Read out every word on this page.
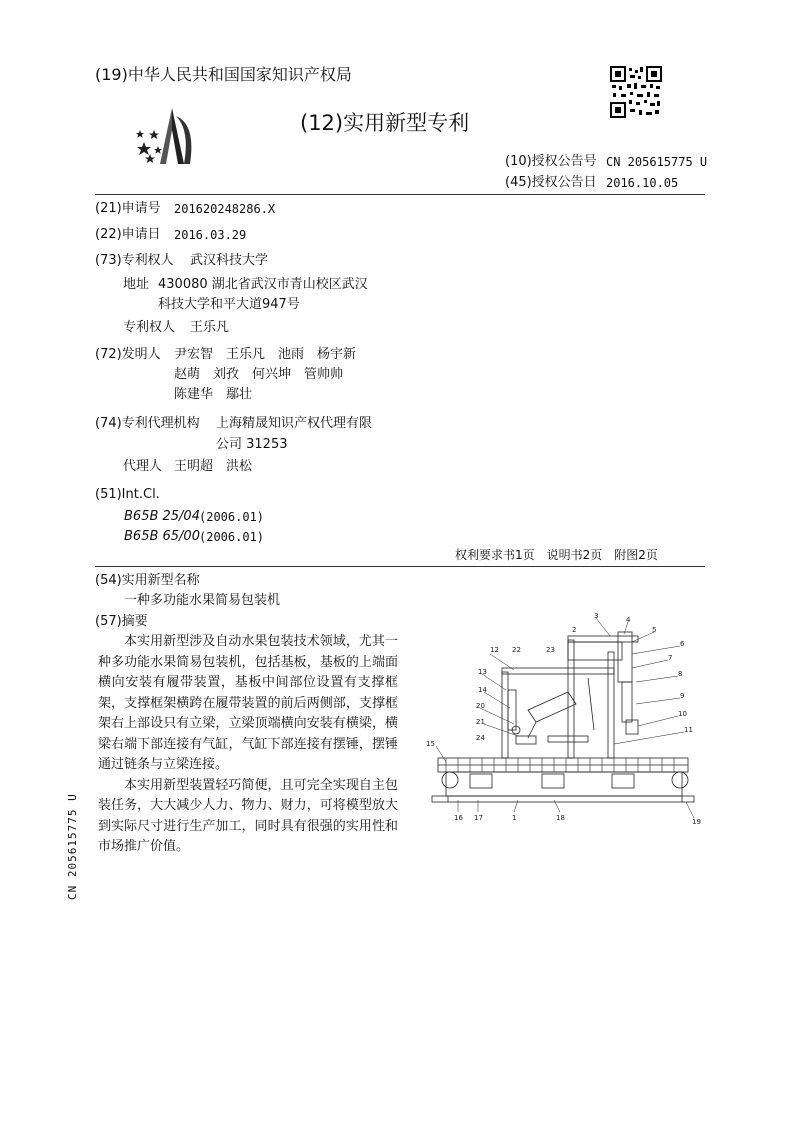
(19)中华人民共和国国家知识产权局
(12)实用新型专利
(10)授权公告号 CN 205615775 U
(45)授权公告日 2016.10.05
(21)申请号 201620248286.X
(22)申请日 2016.03.29
(73)专利权人 武汉科技大学
地址 430080 湖北省武汉市青山校区武汉
科技大学和平大道947号
专利权人 王乐凡
(72)发明人 尹宏智　王乐凡　池雨　杨宇新
赵萌　刘孜　何兴坤　管帅帅
陈建华　鄢壮
(74)专利代理机构 上海精晟知识产权代理有限
公司 31253
代理人 王明超　洪松
(51)Int.Cl.
B65B 25/04 (2006.01)
B65B 65/00 (2006.01)
权利要求书1页　说明书2页　附图2页
(54)实用新型名称
一种多功能水果简易包装机
(57)摘要

本实用新型涉及自动水果包装技术领域，尤其一种多功能水果简易包装机，包括基板，基板的上端面横向安装有履带装置，基板中间部位设置有支撑框架，支撑框架横跨在履带装置的前后两侧部，支撑框架右上部设只有立梁，立梁顶端横向安装有横梁，横梁右端下部连接有气缸，气缸下部连接有摆锤，摆锤通过链条与立梁连接。

本实用新型装置轻巧简便，且可完全实现自主包装任务，大大减少人力、物力、财力，可将模型放大到实际尺寸进行生产加工，同时具有很强的实用性和市场推广价值。

3	4
5
6
7
8
9
10
11
12
13
14
15
16 17	18	19
20
21
22	23
24
1
2
CN 205615775 U
